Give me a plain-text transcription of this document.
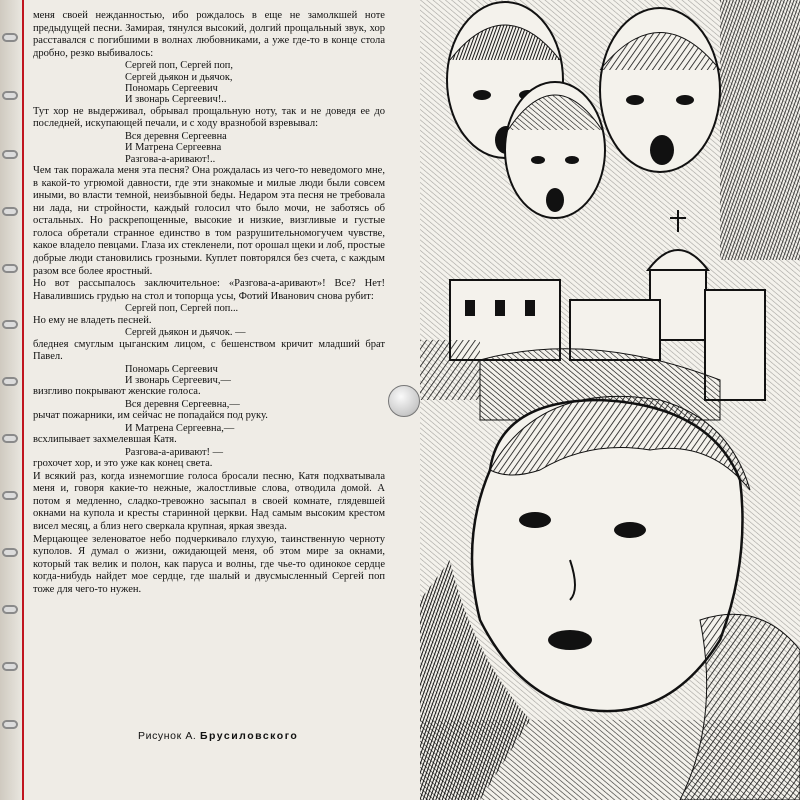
меня своей нежданностью, ибо рождалось в еще не замолкшей ноте предыдущей песни. Замирая, тянулся высокий, долгий прощальный звук, хор расставался с погибшими в волнах любовниками, а уже где-то в конце стола дробно, резко выбивалось:

Сергей поп, Сергей поп,
Сергей дьякон и дьячок,
Пономарь Сергеевич
И звонарь Сергеевич!..

Тут хор не выдерживал, обрывал прощальную ноту, так и не доведя ее до последней, искупающей печали, и с ходу вразнобой взревывал:

Вся деревня Сергеевна
И Матрена Сергеевна
Разгова-а-аривают!..

Чем так поражала меня эта песня? Она рождалась из чего-то неведомого мне, в какой-то угрюмой давности, где эти знакомые и милые люди были совсем иными, во власти темной, неизбывной беды. Недаром эта песня не требовала ни лада, ни стройности, каждый голосил что было мочи, не заботясь об остальных. Но раскрепощенные, высокие и низкие, визгливые и густые голоса обретали странное единство в том разрушительномогучем чувстве, какое владело певцами. Глаза их стекленели, пот орошал щеки и лоб, простые добрые люди становились грозными. Куплет повторялся без счета, с каждым разом все более яростный.

Но вот рассыпалось заключительное: «Разгова-а-аривают»! Все? Нет! Навалившись грудью на стол и топорща усы, Фотий Иванович снова рубит:

Сергей поп, Сергей поп...

Но ему не владеть песней.

Сергей дьякон и дьячок. —

бледнея смуглым цыганским лицом, с бешенством кричит младший брат Павел.

Пономарь Сергеевич
И звонарь Сергеевич,—

визгливо покрывают женские голоса.

Вся деревня Сергеевна,—

рычат пожарники, им сейчас не попадайся под руку.

И Матрена Сергеевна,—

всхлипывает захмелевшая Катя.

Разгова-а-аривают! —

грохочет хор, и это уже как конец света.

И всякий раз, когда изнемогшие голоса бросали песню, Катя подхватывала меня и, говоря какие-то нежные, жалостливые слова, отводила домой. А потом я медленно, сладко-тревожно засыпал в своей комнате, глядевшей окнами на купола и кресты старинной церкви. Над самым высоким крестом висел месяц, а близ него сверкала крупная, яркая звезда.

Мерцающее зеленоватое небо подчеркивало глухую, таинственную черноту куполов. Я думал о жизни, ожидающей меня, об этом мире за окнами, который так велик и полон, как паруса и волны, где чье-то одинокое сердце когда-нибудь найдет мое сердце, где шалый и двусмысленный Сергей поп тоже для чего-то нужен.

Рисунок А. Брусиловского
